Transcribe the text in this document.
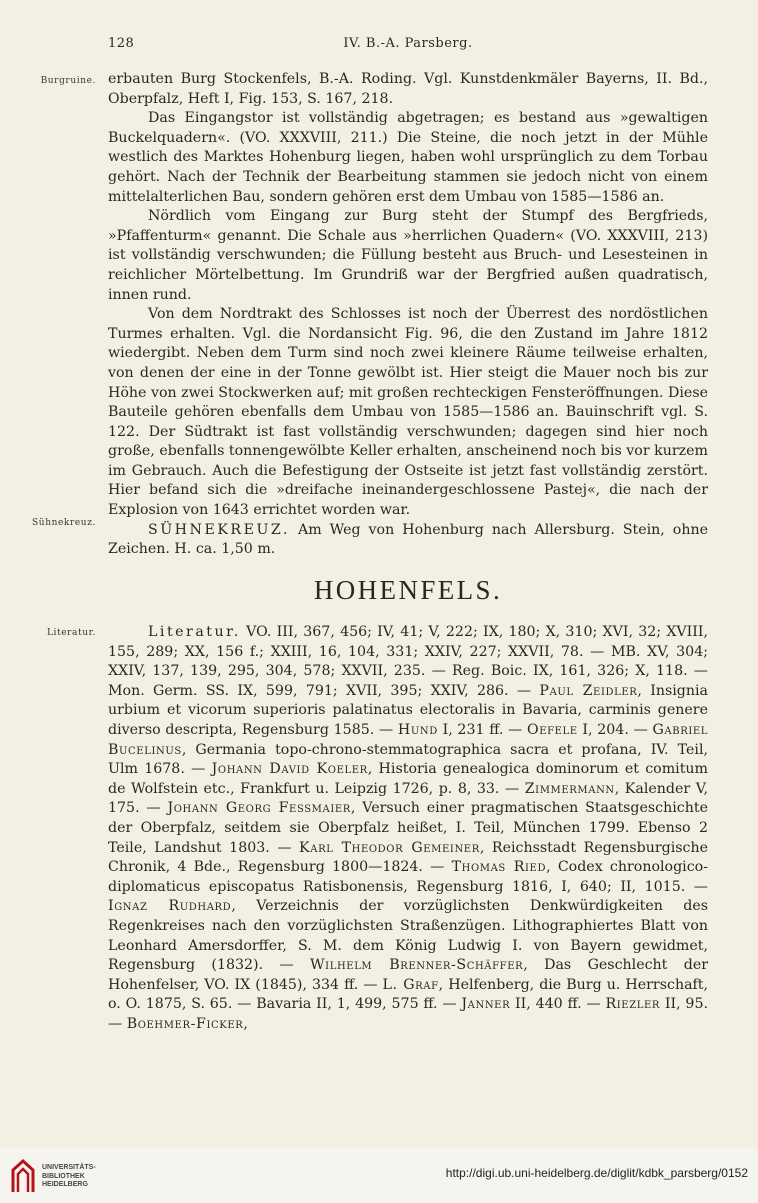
128	IV. B.-A. Parsberg.
Burgruine.
Sühnekreuz.
Literatur.

erbauten Burg Stockenfels, B.-A. Roding. Vgl. Kunstdenkmäler Bayerns, II. Bd., Oberpfalz, Heft I, Fig. 153, S. 167, 218.

Das Eingangstor ist vollständig abgetragen; es bestand aus »gewaltigen Buckelquadern«. (VO. XXXVIII, 211.) Die Steine, die noch jetzt in der Mühle westlich des Marktes Hohenburg liegen, haben wohl ursprünglich zu dem Torbau gehört. Nach der Technik der Bearbeitung stammen sie jedoch nicht von einem mittelalterlichen Bau, sondern gehören erst dem Umbau von 1585—1586 an.

Nördlich vom Eingang zur Burg steht der Stumpf des Bergfrieds, »Pfaffenturm« genannt. Die Schale aus »herrlichen Quadern« (VO. XXXVIII, 213) ist vollständig verschwunden; die Füllung besteht aus Bruch- und Lesesteinen in reichlicher Mörtelbettung. Im Grundriß war der Bergfried außen quadratisch, innen rund.

Von dem Nordtrakt des Schlosses ist noch der Überrest des nordöstlichen Turmes erhalten. Vgl. die Nordansicht Fig. 96, die den Zustand im Jahre 1812 wiedergibt. Neben dem Turm sind noch zwei kleinere Räume teilweise erhalten, von denen der eine in der Tonne gewölbt ist. Hier steigt die Mauer noch bis zur Höhe von zwei Stockwerken auf; mit großen rechteckigen Fensteröffnungen. Diese Bauteile gehören ebenfalls dem Umbau von 1585—1586 an. Bauinschrift vgl. S. 122. Der Südtrakt ist fast vollständig verschwunden; dagegen sind hier noch große, ebenfalls tonnengewölbte Keller erhalten, anscheinend noch bis vor kurzem im Gebrauch. Auch die Befestigung der Ostseite ist jetzt fast vollständig zerstört. Hier befand sich die »dreifache ineinandergeschlossene Pastej«, die nach der Explosion von 1643 errichtet worden war.

SÜHNEKREUZ. Am Weg von Hohenburg nach Allersburg. Stein, ohne Zeichen. H. ca. 1,50 m.

HOHENFELS.

Literatur. VO. III, 367, 456; IV, 41; V, 222; IX, 180; X, 310; XVI, 32; XVIII, 155, 289; XX, 156 f.; XXIII, 16, 104, 331; XXIV, 227; XXVII, 78. — MB. XV, 304; XXIV, 137, 139, 295, 304, 578; XXVII, 235. — Reg. Boic. IX, 161, 326; X, 118. — Mon. Germ. SS. IX, 599, 791; XVII, 395; XXIV, 286. — Paul Zeidler, Insignia urbium et vicorum superioris palatinatus electoralis in Bavaria, carminis genere diverso descripta, Regensburg 1585. — Hund I, 231 ff. — Oefele I, 204. — Gabriel Bucelinus, Germania topo-chrono-stemmatographica sacra et profana, IV. Teil, Ulm 1678. — Johann David Koeler, Historia genealogica dominorum et comitum de Wolfstein etc., Frankfurt u. Leipzig 1726, p. 8, 33. — Zimmermann, Kalender V, 175. — Johann Georg Fessmaier, Versuch einer pragmatischen Staatsgeschichte der Oberpfalz, seitdem sie Oberpfalz heißet, I. Teil, München 1799. Ebenso 2 Teile, Landshut 1803. — Karl Theodor Gemeiner, Reichsstadt Regensburgische Chronik, 4 Bde., Regensburg 1800—1824. — Thomas Ried, Codex chronologico-diplomaticus episcopatus Ratisbonensis, Regensburg 1816, I, 640; II, 1015. — Ignaz Rudhard, Verzeichnis der vorzüglichsten Denkwürdigkeiten des Regenkreises nach den vorzüglichsten Straßenzügen. Lithographiertes Blatt von Leonhard Amersdorffer, S. M. dem König Ludwig I. von Bayern gewidmet, Regensburg (1832). — Wilhelm Brenner-Schäffer, Das Geschlecht der Hohenfelser, VO. IX (1845), 334 ff. — L. Graf, Helfenberg, die Burg u. Herrschaft, o. O. 1875, S. 65. — Bavaria II, 1, 499, 575 ff. — Janner II, 440 ff. — Riezler II, 95. — Boehmer-Ficker,

UNIVERSITÄTS-
BIBLIOTHEK
HEIDELBERG
http://digi.ub.uni-heidelberg.de/diglit/kdbk_parsberg/0152
